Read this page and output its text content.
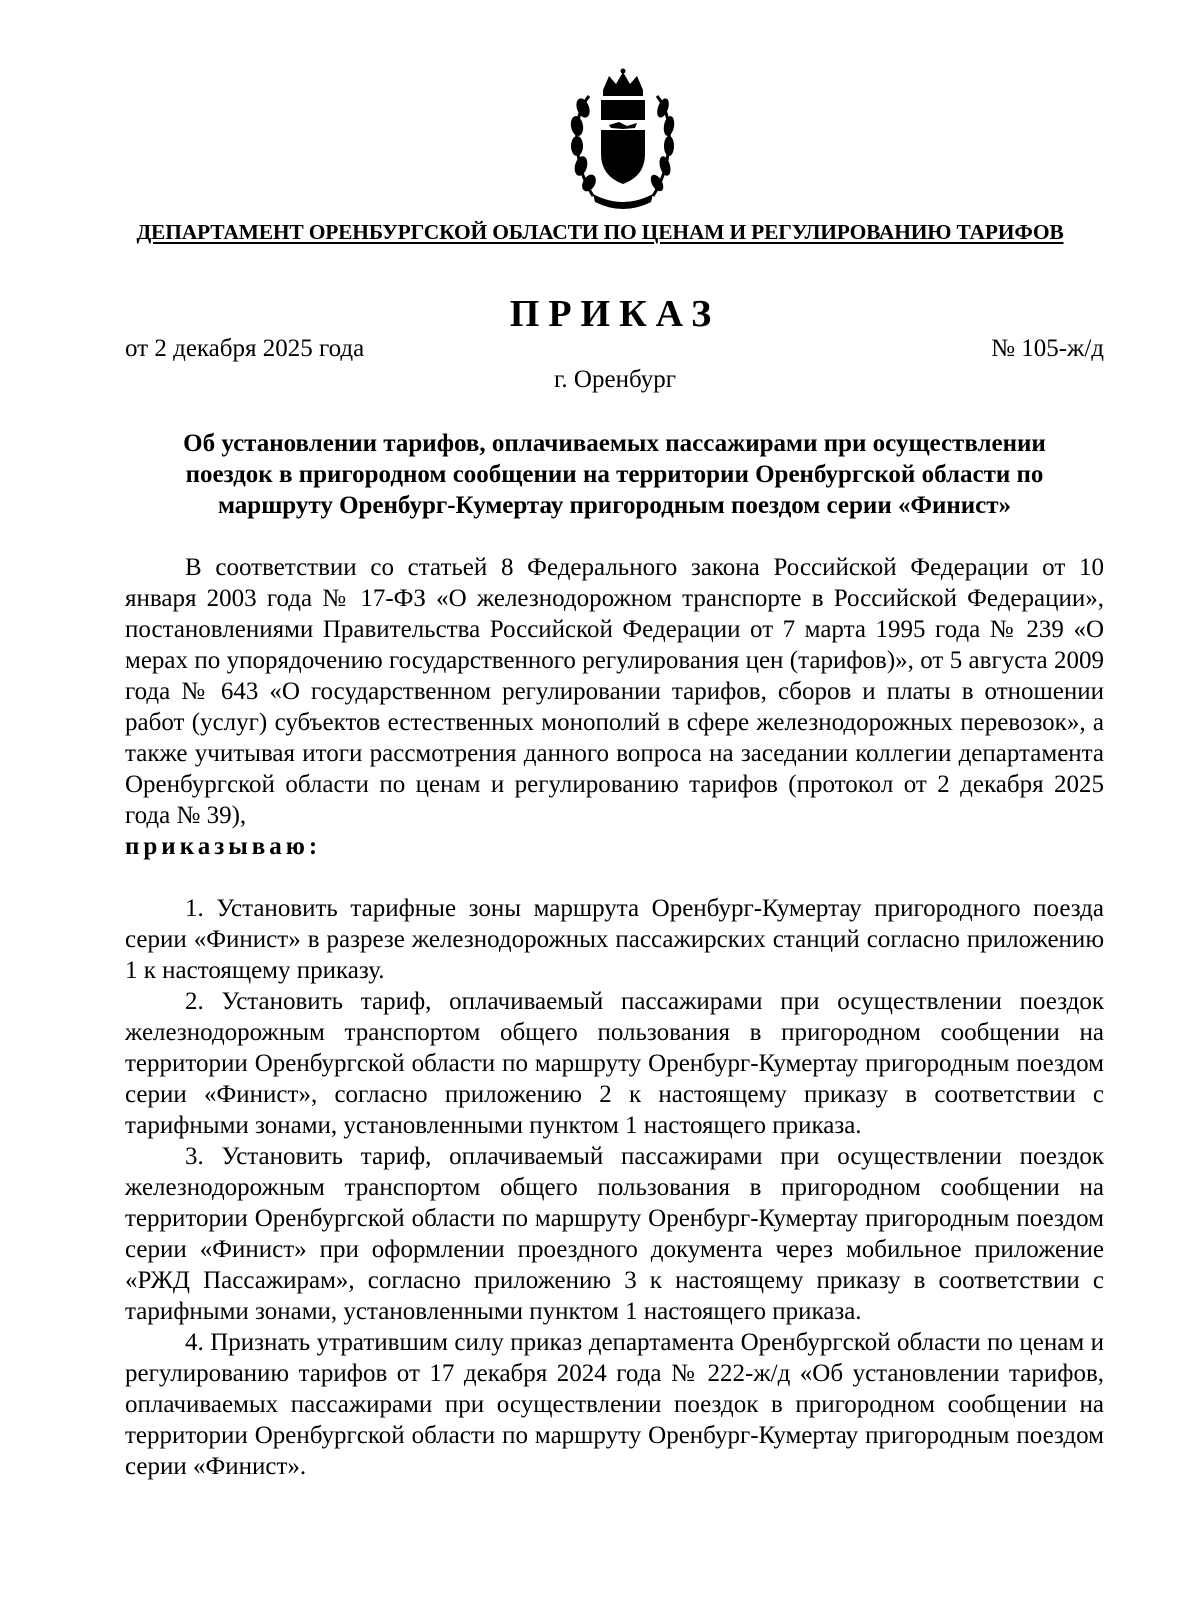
ДЕПАРТАМЕНТ ОРЕНБУРГСКОЙ ОБЛАСТИ ПО ЦЕНАМ И РЕГУЛИРОВАНИЮ ТАРИФОВ
ПРИКАЗ
от 2 декабря 2025 года	№ 105-ж/д
г. Оренбург
Об установлении тарифов, оплачиваемых пассажирами при осуществлении
поездок в пригородном сообщении на территории Оренбургской области по
маршруту Оренбург-Кумертау пригородным поездом серии «Финист»

В соответствии со статьей 8 Федерального закона Российской Федерации от 10 января 2003 года № 17-ФЗ «О железнодорожном транспорте в Российской Федерации», постановлениями Правительства Российской Федерации от 7 марта 1995 года № 239 «О мерах по упорядочению государственного регулирования цен (тарифов)», от 5 августа 2009 года № 643 «О государственном регулировании тарифов, сборов и платы в отношении работ (услуг) субъектов естественных монополий в сфере железнодорожных перевозок», а также учитывая итоги рассмотрения данного вопроса на заседании коллегии департамента Оренбургской области по ценам и регулированию тарифов (протокол от 2 декабря 2025 года № 39),

приказываю:

1. Установить тарифные зоны маршрута Оренбург-Кумертау пригородного поезда серии «Финист» в разрезе железнодорожных пассажирских станций согласно приложению 1 к настоящему приказу.

2. Установить тариф, оплачиваемый пассажирами при осуществлении поездок железнодорожным транспортом общего пользования в пригородном сообщении на территории Оренбургской области по маршруту Оренбург-Кумертау пригородным поездом серии «Финист», согласно приложению 2 к настоящему приказу в соответствии с тарифными зонами, установленными пунктом 1 настоящего приказа.

3. Установить тариф, оплачиваемый пассажирами при осуществлении поездок железнодорожным транспортом общего пользования в пригородном сообщении на территории Оренбургской области по маршруту Оренбург-Кумертау пригородным поездом серии «Финист» при оформлении проездного документа через мобильное приложение «РЖД Пассажирам», согласно приложению 3 к настоящему приказу в соответствии с тарифными зонами, установленными пунктом 1 настоящего приказа.

4. Признать утратившим силу приказ департамента Оренбургской области по ценам и регулированию тарифов от 17 декабря 2024 года № 222-ж/д «Об установлении тарифов, оплачиваемых пассажирами при осуществлении поездок в пригородном сообщении на территории Оренбургской области по маршруту Оренбург-Кумертау пригородным поездом серии «Финист».
